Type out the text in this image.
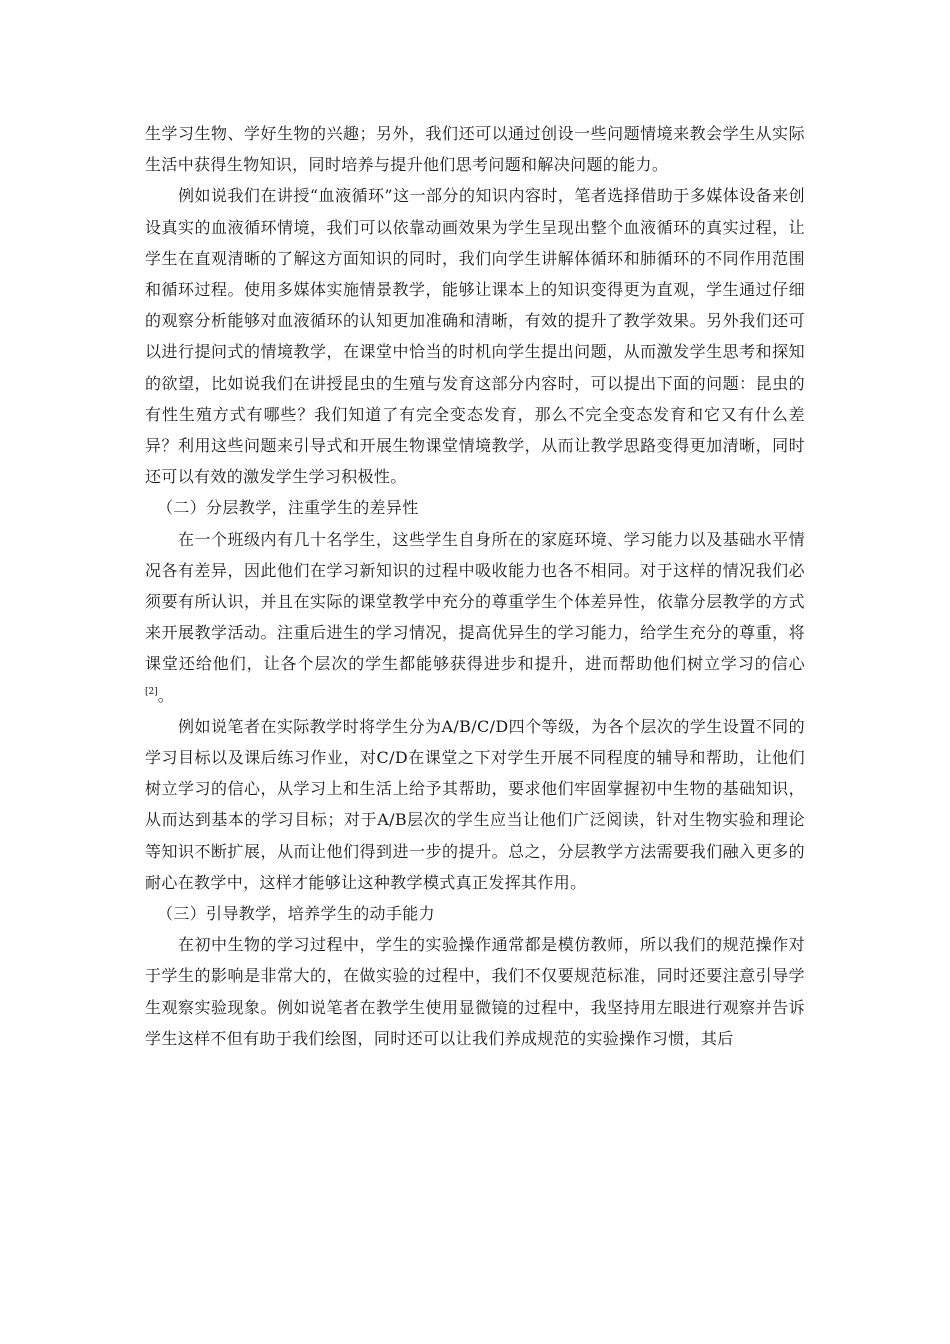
生学习生物、学好生物的兴趣；另外，我们还可以通过创设一些问题情境来教会学生从实际生活中获得生物知识，同时培养与提升他们思考问题和解决问题的能力。

例如说我们在讲授“血液循环”这一部分的知识内容时，笔者选择借助于多媒体设备来创设真实的血液循环情境，我们可以依靠动画效果为学生呈现出整个血液循环的真实过程，让学生在直观清晰的了解这方面知识的同时，我们向学生讲解体循环和肺循环的不同作用范围和循环过程。使用多媒体实施情景教学，能够让课本上的知识变得更为直观，学生通过仔细的观察分析能够对血液循环的认知更加准确和清晰，有效的提升了教学效果。另外我们还可以进行提问式的情境教学，在课堂中恰当的时机向学生提出问题，从而激发学生思考和探知的欲望，比如说我们在讲授昆虫的生殖与发育这部分内容时，可以提出下面的问题：昆虫的有性生殖方式有哪些？我们知道了有完全变态发育，那么不完全变态发育和它又有什么差异？利用这些问题来引导式和开展生物课堂情境教学，从而让教学思路变得更加清晰，同时还可以有效的激发学生学习积极性。

（二）分层教学，注重学生的差异性

在一个班级内有几十名学生，这些学生自身所在的家庭环境、学习能力以及基础水平情况各有差异，因此他们在学习新知识的过程中吸收能力也各不相同。对于这样的情况我们必须要有所认识，并且在实际的课堂教学中充分的尊重学生个体差异性，依靠分层教学的方式来开展教学活动。注重后进生的学习情况，提高优异生的学习能力，给学生充分的尊重，将课堂还给他们，让各个层次的学生都能够获得进步和提升，进而帮助他们树立学习的信心[2]。

例如说笔者在实际教学时将学生分为A/B/C/D四个等级，为各个层次的学生设置不同的学习目标以及课后练习作业，对C/D在课堂之下对学生开展不同程度的辅导和帮助，让他们树立学习的信心，从学习上和生活上给予其帮助，要求他们牢固掌握初中生物的基础知识，从而达到基本的学习目标；对于A/B层次的学生应当让他们广泛阅读，针对生物实验和理论等知识不断扩展，从而让他们得到进一步的提升。总之，分层教学方法需要我们融入更多的耐心在教学中，这样才能够让这种教学模式真正发挥其作用。

（三）引导教学，培养学生的动手能力

在初中生物的学习过程中，学生的实验操作通常都是模仿教师，所以我们的规范操作对于学生的影响是非常大的，在做实验的过程中，我们不仅要规范标准，同时还要注意引导学生观察实验现象。例如说笔者在教学生使用显微镜的过程中，我坚持用左眼进行观察并告诉学生这样不但有助于我们绘图，同时还可以让我们养成规范的实验操作习惯，其后
